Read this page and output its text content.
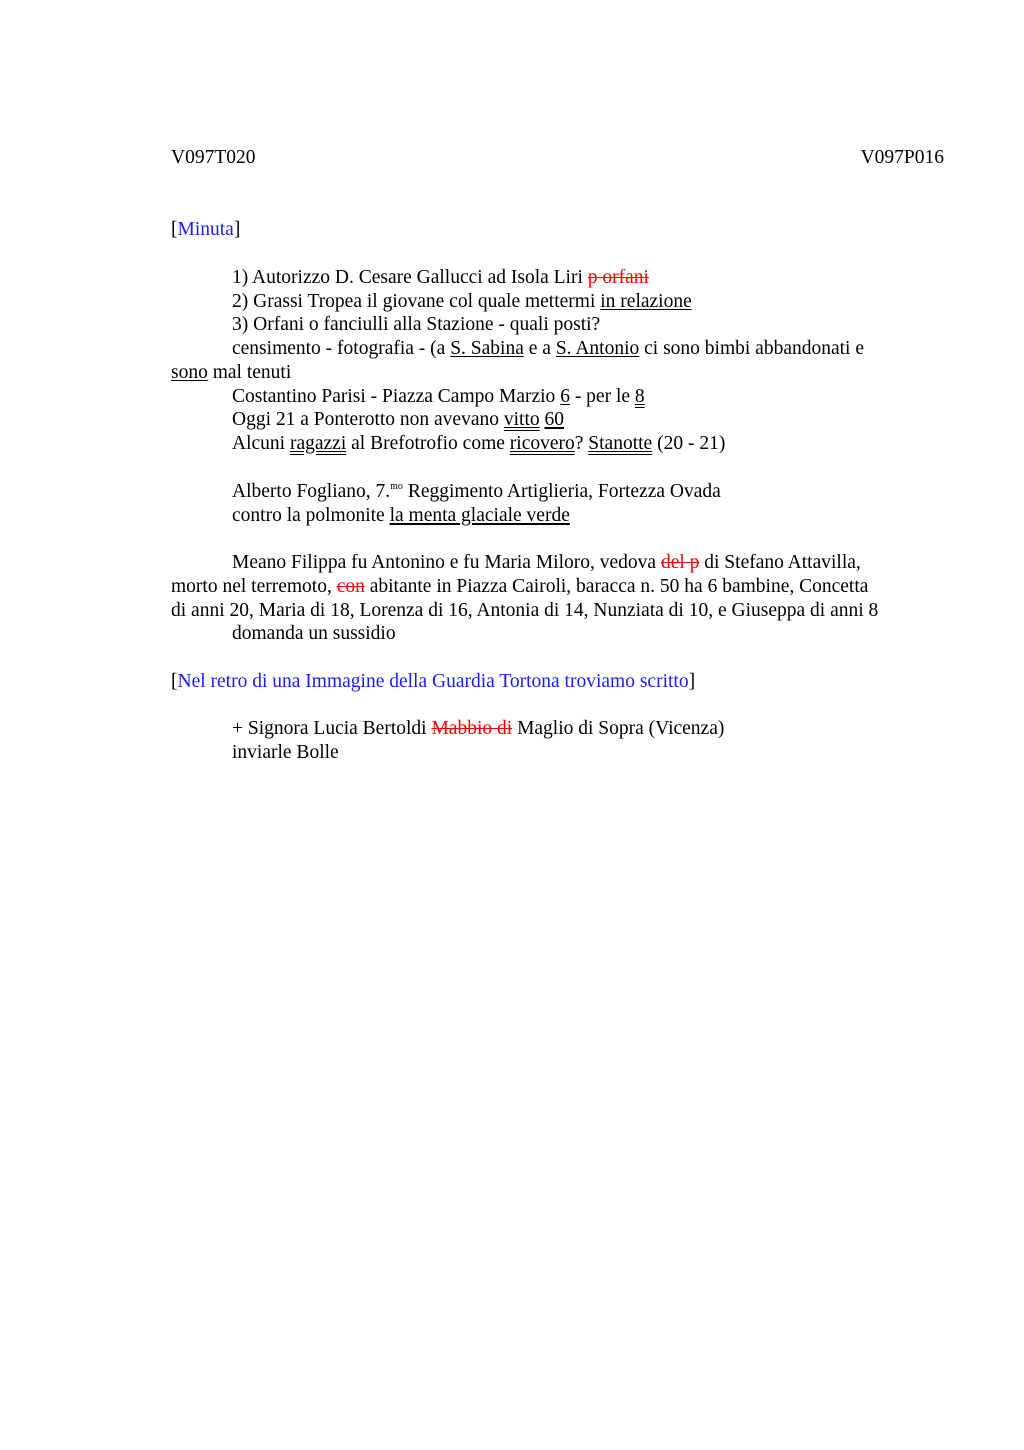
V097T020	V097P016
[Minuta]
1) Autorizzo D. Cesare Gallucci ad Isola Liri p orfani
2) Grassi Tropea il giovane col quale mettermi in relazione
3) Orfani o fanciulli alla Stazione - quali posti?
censimento - fotografia - (a S. Sabina e a S. Antonio ci sono bimbi abbandonati e
sono mal tenuti
Costantino Parisi - Piazza Campo Marzio 6 - per le 8
Oggi 21 a Ponterotto non avevano vitto 60
Alcuni ragazzi al Brefotrofio come ricovero? Stanotte (20 - 21)
Alberto Fogliano, 7.$^{mo}$ Reggimento Artiglieria, Fortezza Ovada
contro la polmonite la menta glaciale verde
Meano Filippa fu Antonino e fu Maria Miloro, vedova del p di Stefano Attavilla,
morto nel terremoto, con abitante in Piazza Cairoli, baracca n. 50 ha 6 bambine, Concetta
di anni 20, Maria di 18, Lorenza di 16, Antonia di 14, Nunziata di 10, e Giuseppa di anni 8
domanda un sussidio
[Nel retro di una Immagine della Guardia Tortona troviamo scritto]
+ Signora Lucia Bertoldi Mabbio di Maglio di Sopra (Vicenza)
inviarle Bolle
